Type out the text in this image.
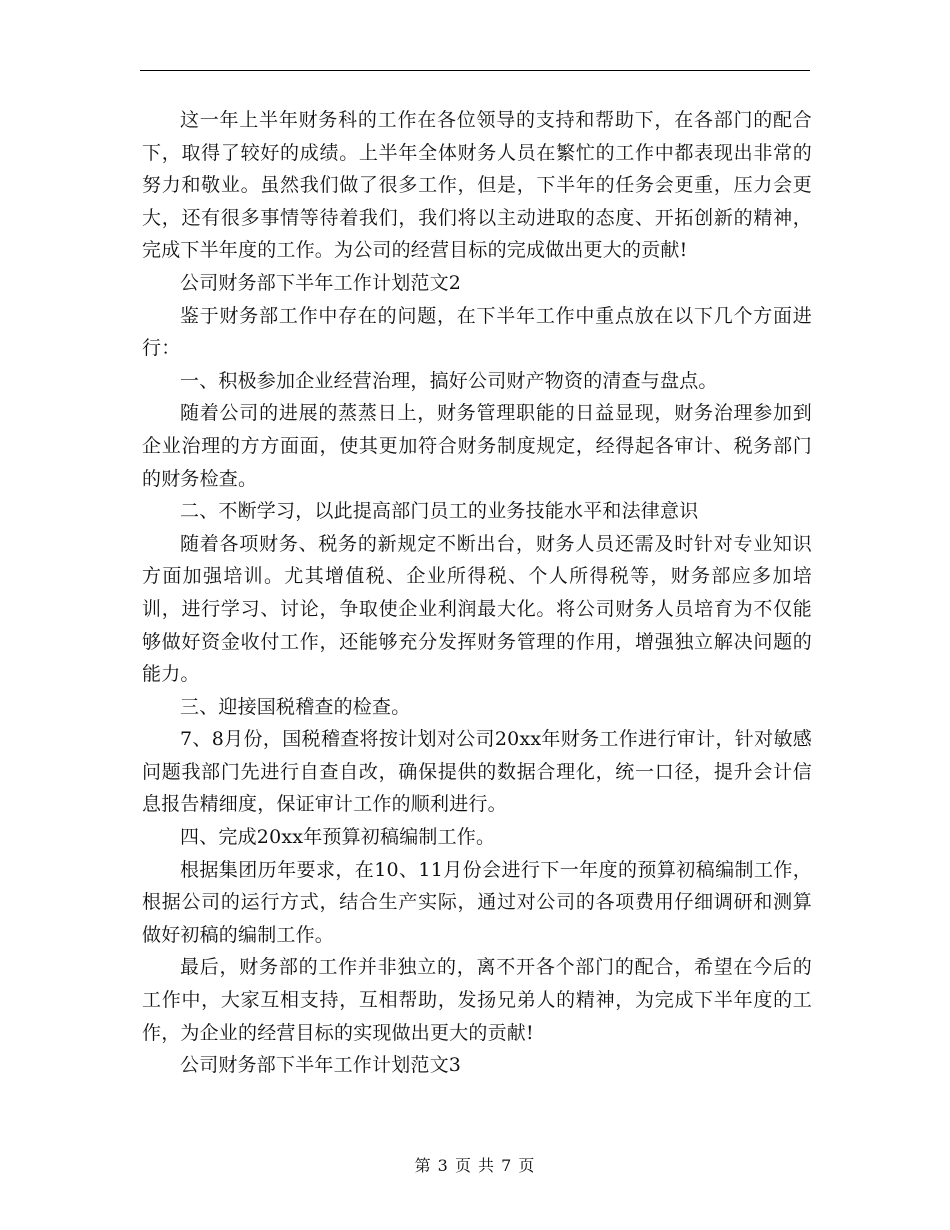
这一年上半年财务科的工作在各位领导的支持和帮助下，在各部门的配合下，取得了较好的成绩。上半年全体财务人员在繁忙的工作中都表现出非常的努力和敬业。虽然我们做了很多工作，但是，下半年的任务会更重，压力会更大，还有很多事情等待着我们，我们将以主动进取的态度、开拓创新的精神，完成下半年度的工作。为公司的经营目标的完成做出更大的贡献!

公司财务部下半年工作计划范文2

鉴于财务部工作中存在的问题，在下半年工作中重点放在以下几个方面进行：

一、积极参加企业经营治理，搞好公司财产物资的清查与盘点。

随着公司的进展的蒸蒸日上，财务管理职能的日益显现，财务治理参加到企业治理的方方面面，使其更加符合财务制度规定，经得起各审计、税务部门的财务检查。

二、不断学习，以此提高部门员工的业务技能水平和法律意识

随着各项财务、税务的新规定不断出台，财务人员还需及时针对专业知识方面加强培训。尤其增值税、企业所得税、个人所得税等，财务部应多加培训，进行学习、讨论，争取使企业利润最大化。将公司财务人员培育为不仅能够做好资金收付工作，还能够充分发挥财务管理的作用，增强独立解决问题的能力。

三、迎接国税稽查的检查。

7、8月份，国税稽查将按计划对公司20xx年财务工作进行审计，针对敏感问题我部门先进行自查自改，确保提供的数据合理化，统一口径，提升会计信息报告精细度，保证审计工作的顺利进行。

四、完成20xx年预算初稿编制工作。

根据集团历年要求，在10、11月份会进行下一年度的预算初稿编制工作，根据公司的运行方式，结合生产实际，通过对公司的各项费用仔细调研和测算做好初稿的编制工作。

最后，财务部的工作并非独立的，离不开各个部门的配合，希望在今后的工作中，大家互相支持，互相帮助，发扬兄弟人的精神，为完成下半年度的工作，为企业的经营目标的实现做出更大的贡献!

公司财务部下半年工作计划范文3

第 3 页 共 7 页
